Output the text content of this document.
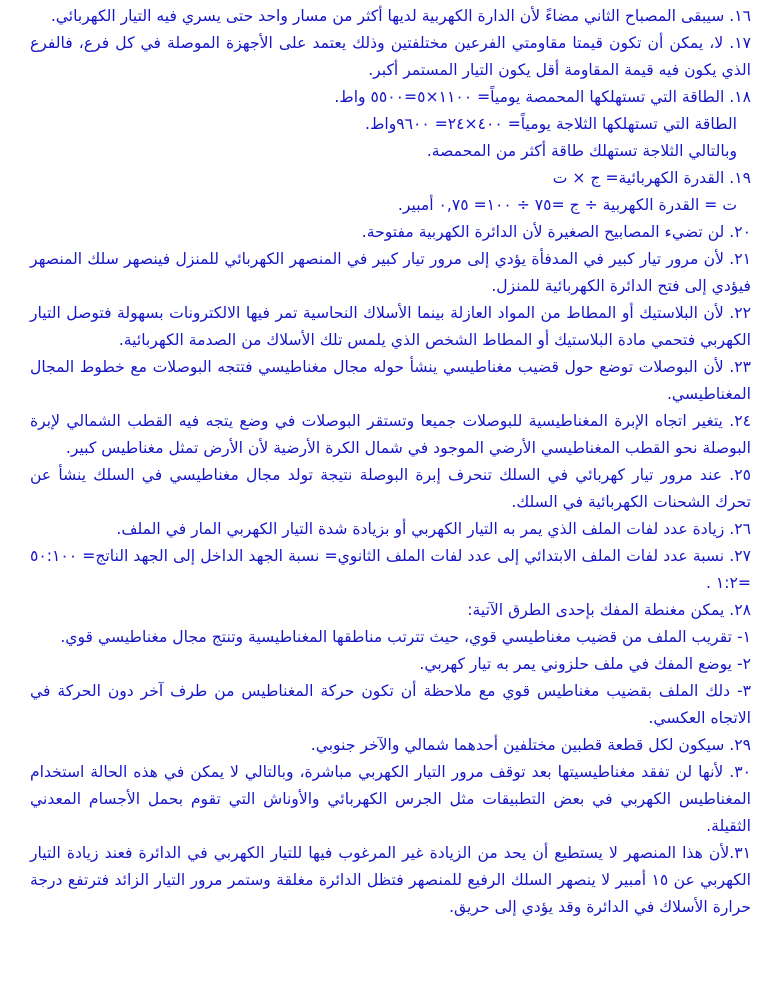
١٦. سيبقى المصباح الثاني مضاءً لأن الدارة الكهربية لديها أكثر من مسار واحد حتى يسري فيه التيار الكهربائي.

١٧. لا، يمكن أن تكون قيمتا مقاومتي الفرعين مختلفتين وذلك يعتمد على الأجهزة الموصلة في كل فرع، فالفرع الذي يكون فيه قيمة المقاومة أقل يكون التيار المستمر أكبر.

١٨. الطاقة التي تستهلكها المحمصة يومياً= ١١٠٠×٥=٥٥٠٠ واط.

الطاقة التي تستهلكها الثلاجة يومياً= ٤٠٠×٢٤= ٩٦٠٠واط.

وبالتالي الثلاجة تستهلك طاقة أكثر من المحمصة.

١٩. القدرة الكهربائية= ج × ت

ت = القدرة الكهربية ÷ ج =٧٥ ÷ ١٠٠= ٠,٧٥ أمبير.

٢٠. لن تضيء المصابيح الصغيرة لأن الدائرة الكهربية مفتوحة.

٢١. لأن مرور تيار كبير في المدفأة يؤدي إلى مرور تيار كبير في المنصهر الكهربائي للمنزل فينصهر سلك المنصهر فيؤدي إلى فتح الدائرة الكهربائية للمنزل.

٢٢. لأن البلاستيك أو المطاط من المواد العازلة بينما الأسلاك النحاسية تمر فيها الالكترونات بسهولة فتوصل التيار الكهربي فتحمي مادة البلاستيك أو المطاط الشخص الذي يلمس تلك الأسلاك من الصدمة الكهربائية.

٢٣. لأن البوصلات توضع حول قضيب مغناطيسي ينشأ حوله مجال مغناطيسي فتتجه البوصلات مع خطوط المجال المغناطيسي.

٢٤. يتغير اتجاه الإبرة المغناطيسية للبوصلات جميعا وتستقر البوصلات في وضع يتجه فيه القطب الشمالي لإبرة البوصلة نحو القطب المغناطيسي الأرضي الموجود في شمال الكرة الأرضية لأن الأرض تمثل مغناطيس كبير.

٢٥. عند مرور تيار كهربائي في السلك تنحرف إبرة البوصلة نتيجة تولد مجال مغناطيسي في السلك ينشأ عن تحرك الشحنات الكهربائية في السلك.

٢٦. زيادة عدد لفات الملف الذي يمر به التيار الكهربي أو بزيادة شدة التيار الكهربي المار في الملف.

٢٧. نسبة عدد لفات الملف الابتدائي إلى عدد لفات الملف الثانوي= نسبة الجهد الداخل إلى الجهد الناتج= ٥٠:١٠٠ =١:٢ .

٢٨. يمكن مغنطة المفك بإحدى الطرق الآتية:

١- تقريب الملف من قضيب مغناطيسي قوي، حيث تترتب مناطقها المغناطيسية وتنتج مجال مغناطيسي قوي.

٢- يوضع المفك في ملف حلزوني يمر به تيار كهربي.

٣- دلك الملف بقضيب مغناطيس قوي مع ملاحظة أن تكون حركة المغناطيس من طرف آخر دون الحركة في الاتجاه العكسي.

٢٩. سيكون لكل قطعة قطبين مختلفين أحدهما شمالي والآخر جنوبي.

٣٠. لأنها لن تفقد مغناطيسيتها بعد توقف مرور التيار الكهربي مباشرة، وبالتالي لا يمكن في هذه الحالة استخدام المغناطيس الكهربي في بعض التطبيقات مثل الجرس الكهربائي والأوناش التي تقوم بحمل الأجسام المعدني الثقيلة.

٣١.لأن هذا المنصهر لا يستطيع أن يحد من الزيادة غير المرغوب فيها للتيار الكهربي في الدائرة فعند زيادة التيار الكهربي عن ١٥ أمبير لا ينصهر السلك الرفيع للمنصهر فتظل الدائرة مغلقة وستمر مرور التيار الزائد فترتفع درجة حرارة الأسلاك في الدائرة وقد يؤدي إلى حريق.
